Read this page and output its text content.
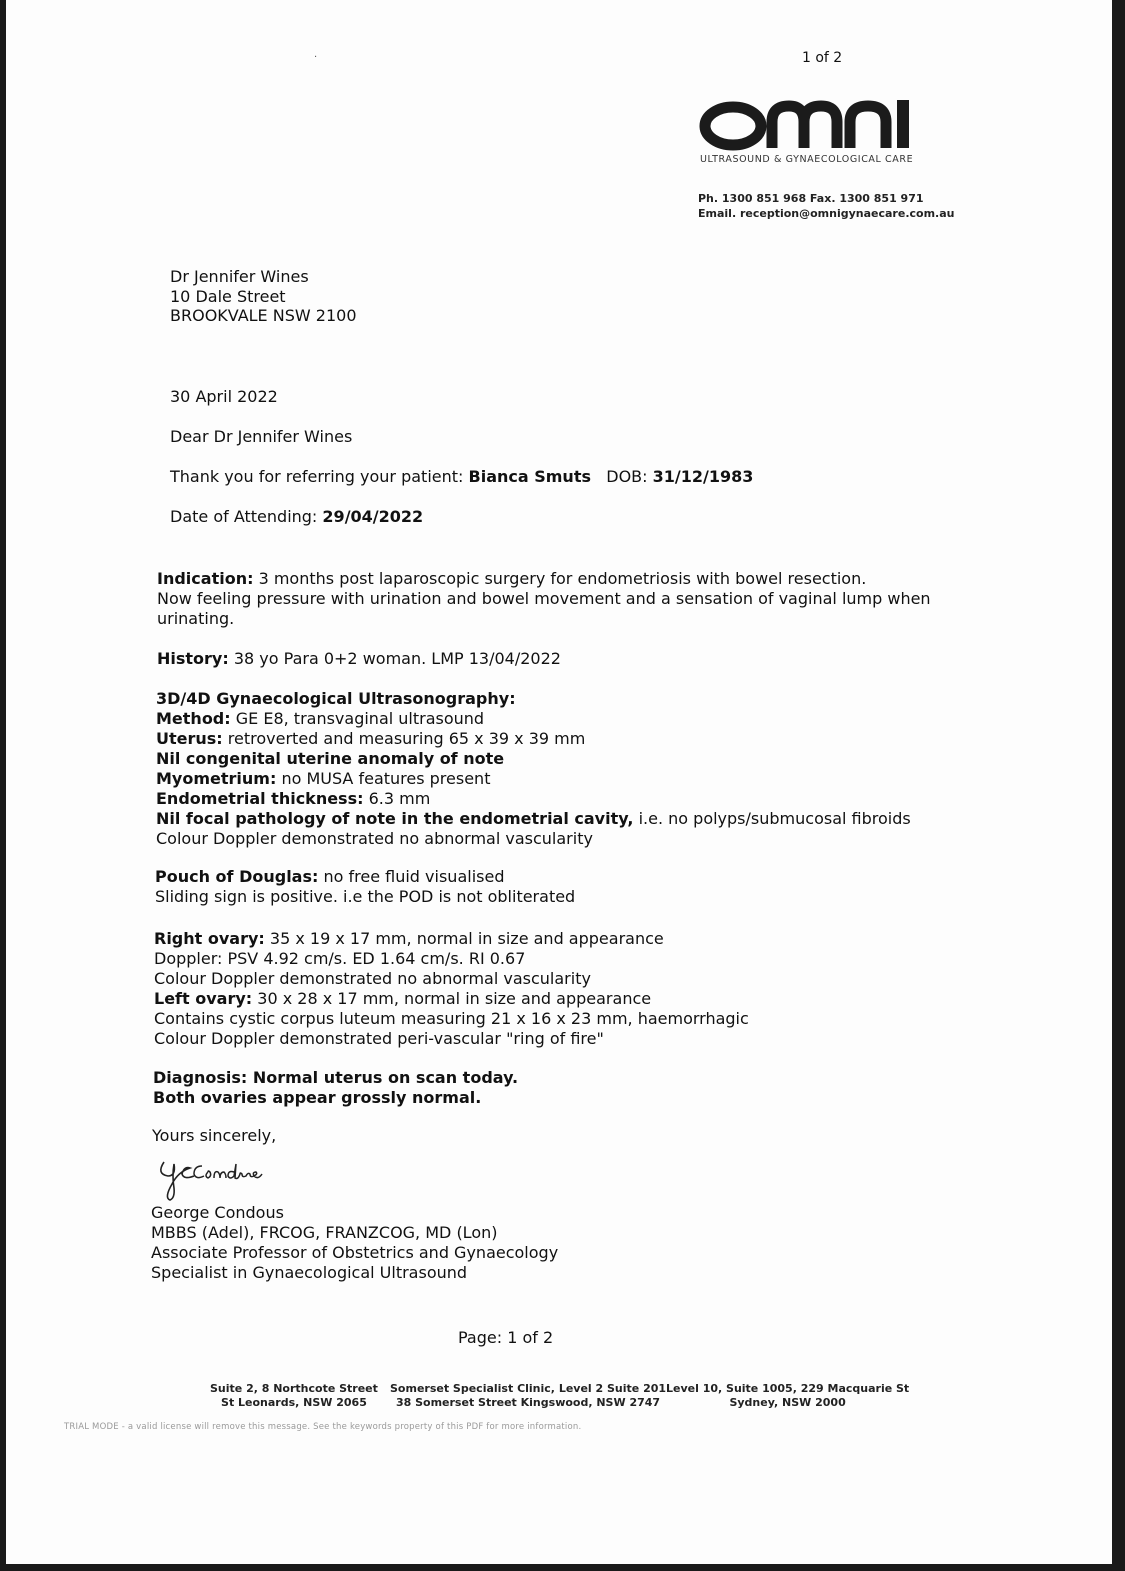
·	1 of 2
ULTRASOUND & GYNAECOLOGICAL CARE
Ph. 1300 851 968 Fax. 1300 851 971
Email. reception@omnigynaecare.com.au
Dr Jennifer Wines
10 Dale Street
BROOKVALE NSW 2100
30 April 2022
Dear Dr Jennifer Wines
Thank you for referring your patient: Bianca Smuts DOB: 31/12/1983
Date of Attending: 29/04/2022
Indication: 3 months post laparoscopic surgery for endometriosis with bowel resection.
Now feeling pressure with urination and bowel movement and a sensation of vaginal lump when
urinating.
History: 38 yo Para 0+2 woman. LMP 13/04/2022
3D/4D Gynaecological Ultrasonography:
Method: GE E8, transvaginal ultrasound
Uterus: retroverted and measuring 65 x 39 x 39 mm
Nil congenital uterine anomaly of note
Myometrium: no MUSA features present
Endometrial thickness: 6.3 mm
Nil focal pathology of note in the endometrial cavity, i.e. no polyps/submucosal fibroids
Colour Doppler demonstrated no abnormal vascularity
Pouch of Douglas: no free fluid visualised
Sliding sign is positive. i.e the POD is not obliterated
Right ovary: 35 x 19 x 17 mm, normal in size and appearance
Doppler: PSV 4.92 cm/s. ED 1.64 cm/s. RI 0.67
Colour Doppler demonstrated no abnormal vascularity
Left ovary: 30 x 28 x 17 mm, normal in size and appearance
Contains cystic corpus luteum measuring 21 x 16 x 23 mm, haemorrhagic
Colour Doppler demonstrated peri-vascular "ring of fire"
Diagnosis: Normal uterus on scan today.
Both ovaries appear grossly normal.
Yours sincerely,
George Condous
MBBS (Adel), FRCOG, FRANZCOG, MD (Lon)
Associate Professor of Obstetrics and Gynaecology
Specialist in Gynaecological Ultrasound
Page: 1 of 2
Suite 2, 8 Northcote Street
St Leonards, NSW 2065
Somerset Specialist Clinic, Level 2 Suite 201
38 Somerset Street Kingswood, NSW 2747
Level 10, Suite 1005, 229 Macquarie St
Sydney, NSW 2000
TRIAL MODE - a valid license will remove this message. See the keywords property of this PDF for more information.
